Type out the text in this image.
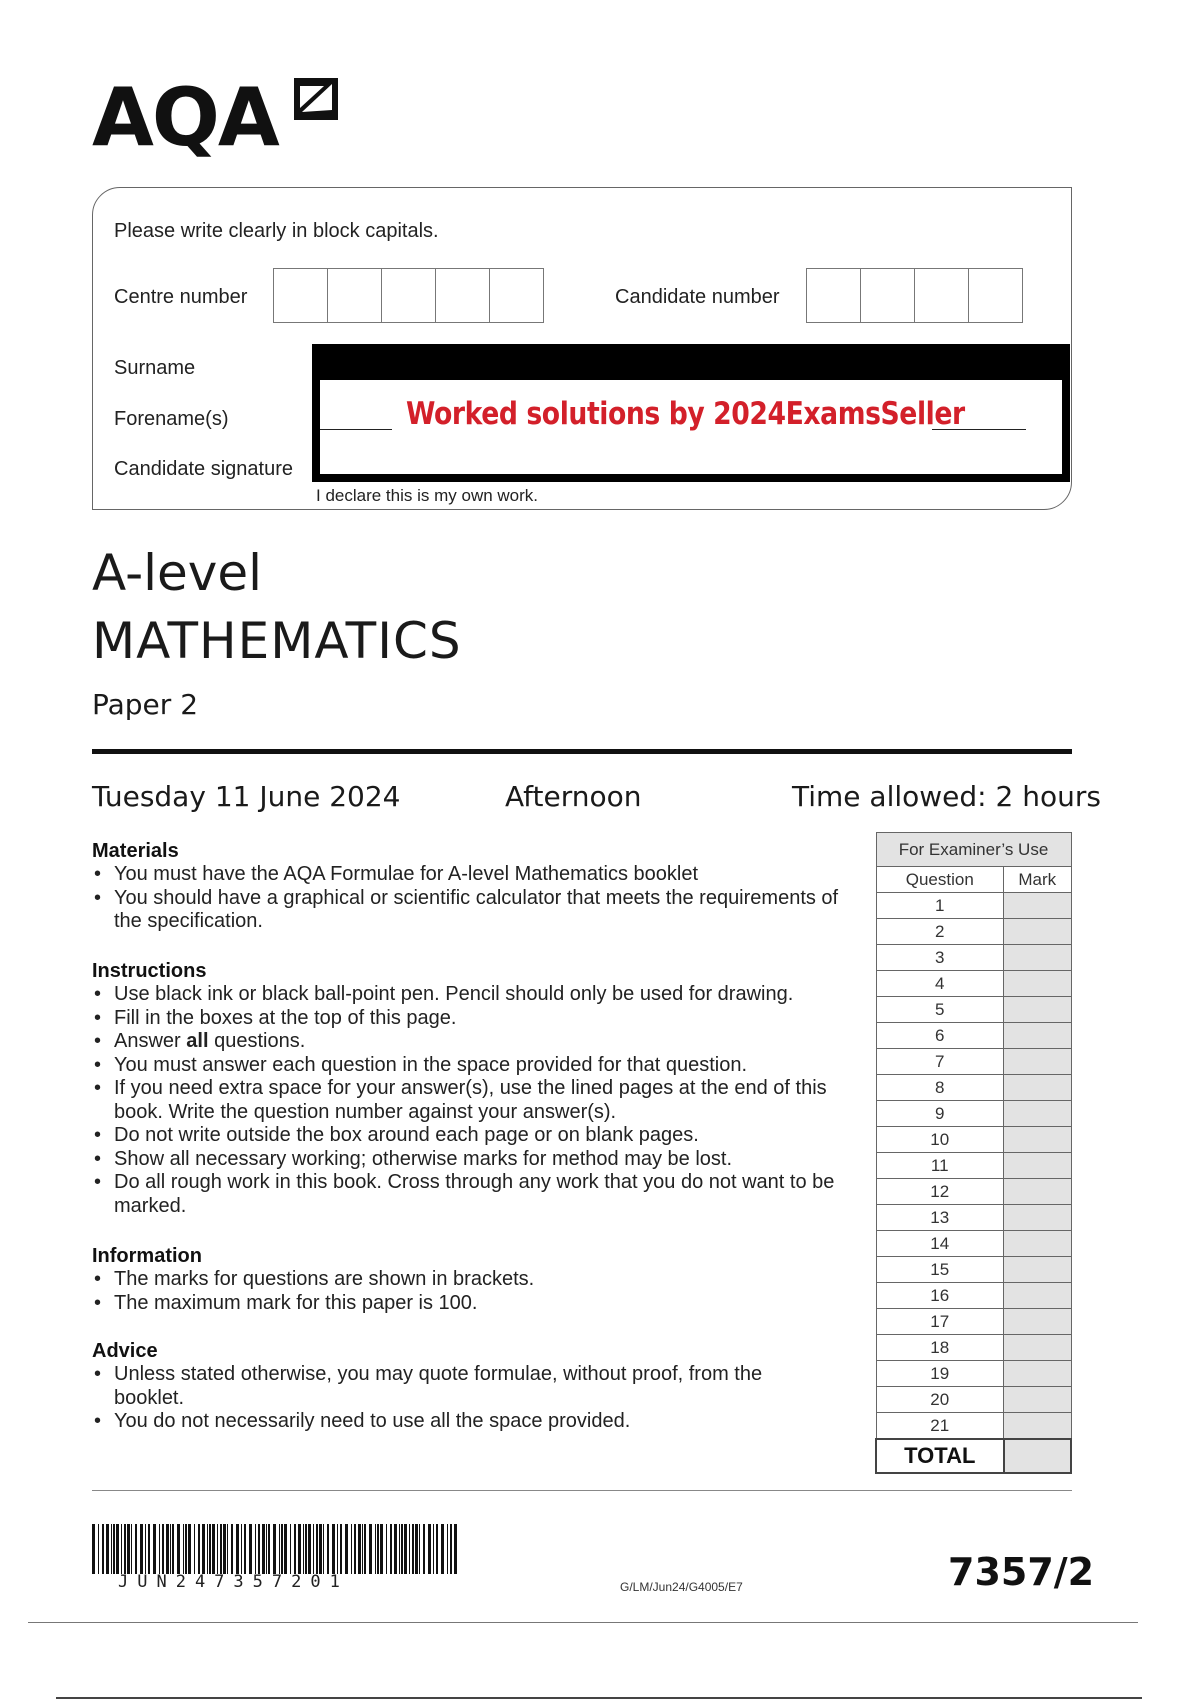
AQA
Please write clearly in block capitals.
Centre number	Candidate number
Surname
Forename(s)
Candidate signature
Worked solutions by 2024ExamsSeller
I declare this is my own work.
A-level
MATHEMATICS
Paper 2
Tuesday 11 June 2024	Afternoon	Time allowed: 2 hours
Materials
• You must have the AQA Formulae for A-level Mathematics booklet
• You should have a graphical or scientific calculator that meets the requirements of the specification.
Instructions
• Use black ink or black ball-point pen. Pencil should only be used for drawing.
• Fill in the boxes at the top of this page.
• Answer all questions.
• You must answer each question in the space provided for that question.
• If you need extra space for your answer(s), use the lined pages at the end of this book. Write the question number against your answer(s).
• Do not write outside the box around each page or on blank pages.
• Show all necessary working; otherwise marks for method may be lost.
• Do all rough work in this book. Cross through any work that you do not want to be marked.
Information
• The marks for questions are shown in brackets.
• The maximum mark for this paper is 100.
Advice
• Unless stated otherwise, you may quote formulae, without proof, from the booklet.
• You do not necessarily need to use all the space provided.
For Examiner’s Use	
Question	Mark
1	
2	
3	
4	
5	
6	
7	
8	
9	
10	
11	
12	
13	
14	
15	
16	
17	
18	
19	
20	
21	
TOTAL	
JUN247357201	G/LM/Jun24/G4005/E7	7357/2
